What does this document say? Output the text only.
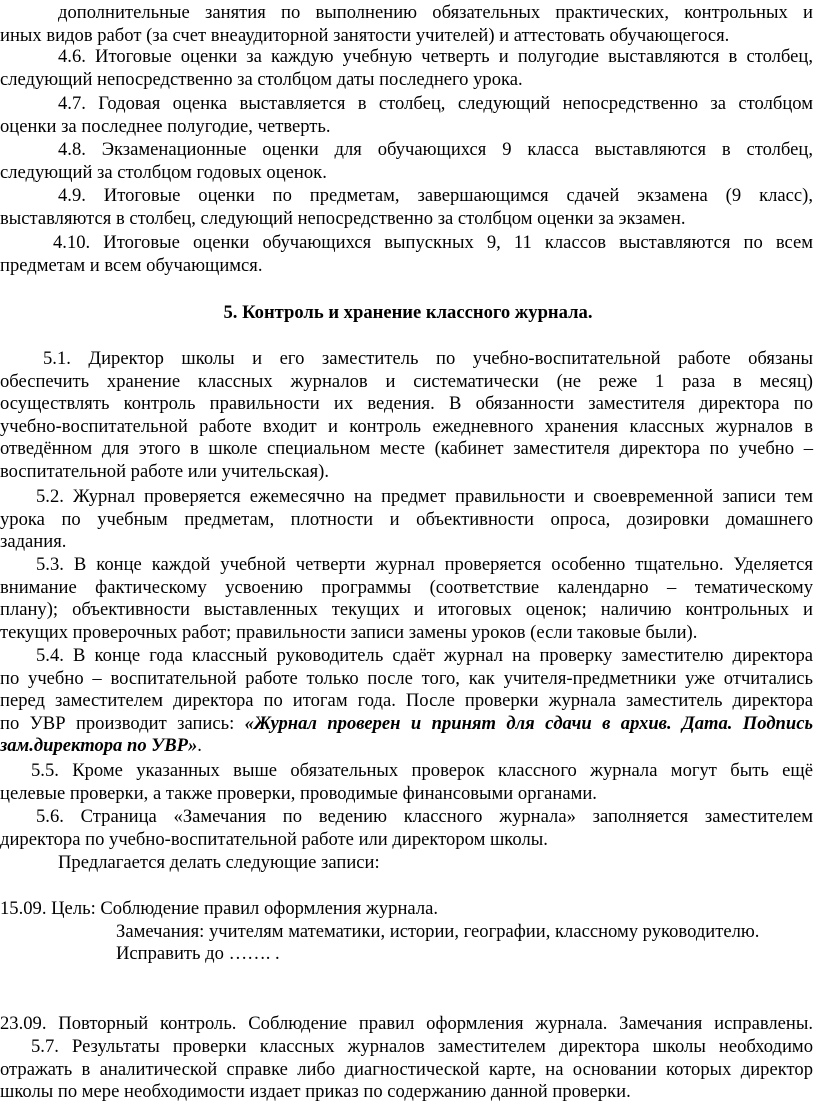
дополнительные занятия по выполнению обязательных практических, контрольных и
иных видов работ (за счет внеаудиторной занятости учителей) и аттестовать обучающегося.
4.6. Итоговые оценки за каждую учебную четверть и полугодие выставляются в столбец,
следующий непосредственно за столбцом даты последнего урока.
4.7. Годовая оценка выставляется в столбец, следующий непосредственно за столбцом
оценки за последнее полугодие, четверть.
4.8. Экзаменационные оценки для обучающихся 9 класса выставляются в столбец,
следующий за столбцом годовых оценок.
4.9. Итоговые оценки по предметам, завершающимся сдачей экзамена (9 класс),
выставляются в столбец, следующий непосредственно за столбцом оценки за экзамен.
4.10. Итоговые оценки обучающихся выпускных 9, 11 классов выставляются по всем
предметам и всем обучающимся.
5. Контроль и хранение классного журнала.
5.1. Директор школы и его заместитель по учебно-воспитательной работе обязаны
обеспечить хранение классных журналов и систематически (не реже 1 раза в месяц)
осуществлять контроль правильности их ведения. В обязанности заместителя директора по
учебно-воспитательной работе входит и контроль ежедневного хранения классных журналов в
отведённом для этого в школе специальном месте (кабинет заместителя директора по учебно –
воспитательной работе или учительская).
5.2. Журнал проверяется ежемесячно на предмет правильности и своевременной записи тем
урока по учебным предметам, плотности и объективности опроса, дозировки домашнего
задания.
5.3. В конце каждой учебной четверти журнал проверяется особенно тщательно. Уделяется
внимание фактическому усвоению программы (соответствие календарно – тематическому
плану); объективности выставленных текущих и итоговых оценок; наличию контрольных и
текущих проверочных работ; правильности записи замены уроков (если таковые были).
5.4. В конце года классный руководитель сдаёт журнал на проверку заместителю директора
по учебно – воспитательной работе только после того, как учителя-предметники уже отчитались
перед заместителем директора по итогам года. После проверки журнала заместитель директора
по УВР производит запись: «Журнал проверен и принят для сдачи в архив. Дата. Подпись
зам.директора по УВР».
5.5. Кроме указанных выше обязательных проверок классного журнала могут быть ещё
целевые проверки, а также проверки, проводимые финансовыми органами.
5.6. Страница «Замечания по ведению классного журнала» заполняется заместителем
директора по учебно-воспитательной работе или директором школы.
Предлагается делать следующие записи:
15.09. Цель: Соблюдение правил оформления журнала.
Замечания: учителям математики, истории, географии, классному руководителю.
Исправить до ……. .
23.09. Повторный контроль. Соблюдение правил оформления журнала. Замечания исправлены.
5.7. Результаты проверки классных журналов заместителем директора школы необходимо
отражать в аналитической справке либо диагностической карте, на основании которых директор
школы по мере необходимости издает приказ по содержанию данной проверки.
